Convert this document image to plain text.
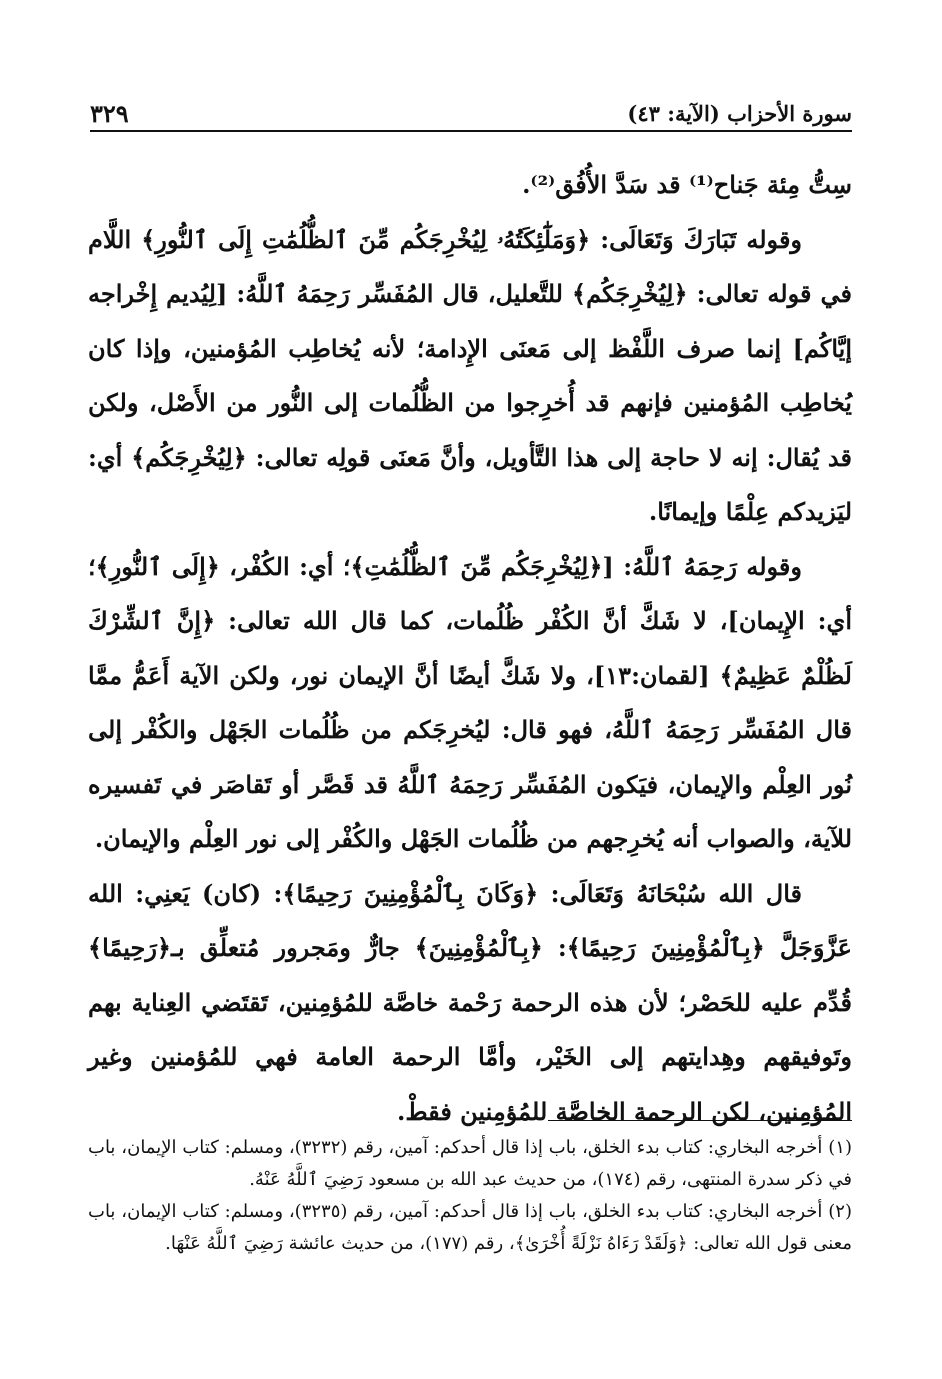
سورة الأحزاب (الآية: ٤٣)
٣٢٩

سِتُّ مِئة جَناح⁽¹⁾ قد سَدَّ الأُفُق⁽²⁾.

وقوله تَبَارَكَ وَتَعَالَى: ﴿وَمَلَٰٓئِكَتُهُۥ لِيُخْرِجَكُم مِّنَ ٱلظُّلُمَٰتِ إِلَى ٱلنُّورِ﴾ اللَّام في قوله تعالى: ﴿لِيُخْرِجَكُم﴾ للتَّعليل، قال المُفَسِّر رَحِمَهُ ٱللَّهُ: [لِيُديم إِخْراجه إيَّاكُم] إنما صرف اللَّفْظ إلى مَعنَى الإِدامة؛ لأنه يُخاطِب المُؤمنين، وإذا كان يُخاطِب المُؤمنين فإنهم قد أُخرِجوا من الظُّلُمات إلى النُّور من الأَصْل، ولكن قد يُقال: إنه لا حاجة إلى هذا التَّأويل، وأنَّ مَعنَى قولِه تعالى: ﴿لِيُخْرِجَكُم﴾ أي: ليَزيدكم عِلْمًا وإيمانًا.

وقوله رَحِمَهُ ٱللَّهُ: [﴿لِيُخْرِجَكُم مِّنَ ٱلظُّلُمَٰتِ﴾؛ أي: الكُفْر، ﴿إِلَى ٱلنُّورِ﴾؛ أي: الإِيمان]، لا شَكَّ أنَّ الكُفْر ظُلُمات، كما قال الله تعالى: ﴿إِنَّ ٱلشِّرْكَ لَظُلْمٌ عَظِيمٌ﴾ [لقمان:١٣]، ولا شَكَّ أيضًا أنَّ الإيمان نور، ولكن الآية أَعَمُّ ممَّا قال المُفَسِّر رَحِمَهُ ٱللَّهُ، فهو قال: ليُخرِجَكم من ظُلُمات الجَهْل والكُفْر إلى نُور العِلْم والإيمان، فيَكون المُفَسِّر رَحِمَهُ ٱللَّهُ قد قَصَّر أو تَقاصَر في تَفسيره للآية، والصواب أنه يُخرِجهم من ظُلُمات الجَهْل والكُفْر إلى نور العِلْم والإيمان.

قال الله سُبْحَانَهُ وَتَعَالَى: ﴿وَكَانَ بِٱلْمُؤْمِنِينَ رَحِيمًا﴾: (كان) يَعنِي: الله عَزَّوَجَلَّ ﴿بِٱلْمُؤْمِنِينَ رَحِيمًا﴾: ﴿بِٱلْمُؤْمِنِينَ﴾ جارٌّ ومَجرور مُتعلِّق بـ﴿رَحِيمًا﴾ قُدِّم عليه للحَصْر؛ لأن هذه الرحمة رَحْمة خاصَّة للمُؤمِنين، تَقتَضي العِناية بهم وتَوفيقهم وهِدايتهم إلى الخَيْر، وأمَّا الرحمة العامة فهي للمُؤمنين وغير المُؤمِنين، لكن الرحمة الخاصَّة للمُؤمِنين فقطْ.

(١) أخرجه البخاري: كتاب بدء الخلق، باب إذا قال أحدكم: آمين، رقم (٣٢٣٢)، ومسلم: كتاب الإيمان، باب في ذكر سدرة المنتهى، رقم (١٧٤)، من حديث عبد الله بن مسعود رَضِيَ ٱللَّهُ عَنْهُ.

(٢) أخرجه البخاري: كتاب بدء الخلق، باب إذا قال أحدكم: آمين، رقم (٣٢٣٥)، ومسلم: كتاب الإيمان، باب معنى قول الله تعالى: ﴿وَلَقَدْ رَءَاهُ نَزْلَةً أُخْرَىٰ﴾، رقم (١٧٧)، من حديث عائشة رَضِيَ ٱللَّهُ عَنْهَا.
